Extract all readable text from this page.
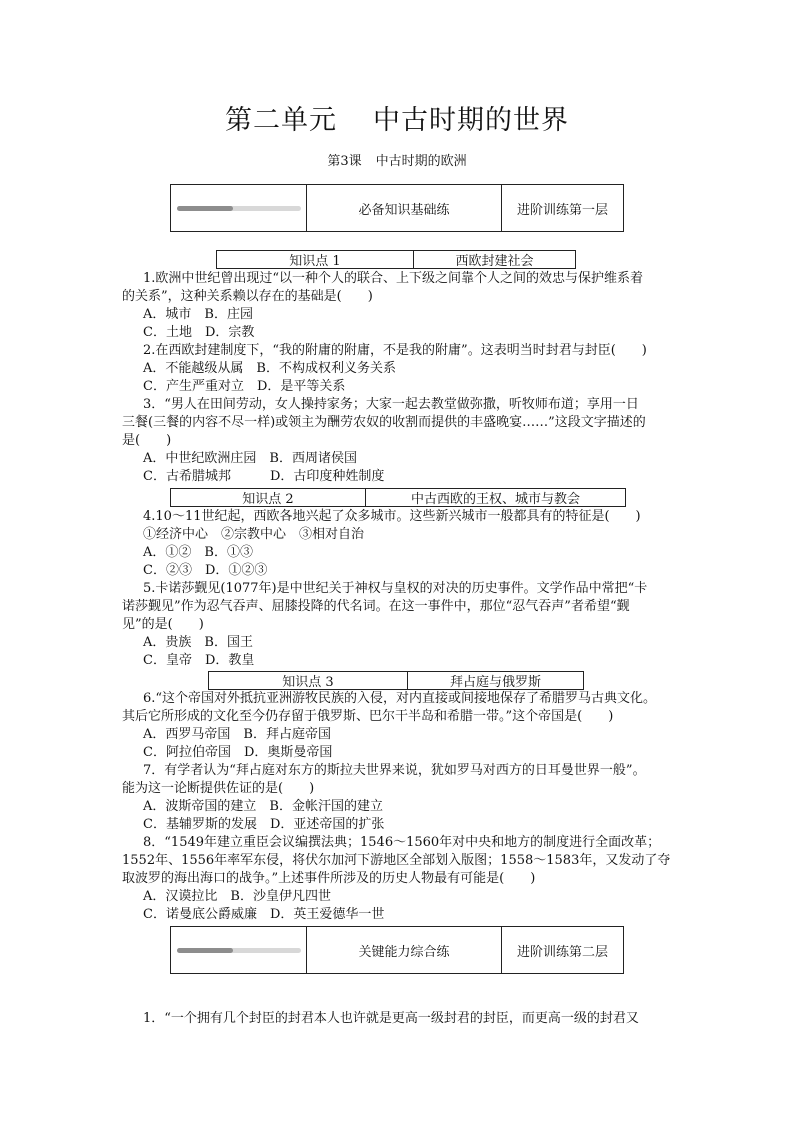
第二单元 中古时期的世界
第3课 中古时期的欧洲
必备知识基础练	进阶训练第一层
知识点 1	西欧封建社会
1.欧洲中世纪曾出现过“以一种个人的联合、上下级之间靠个人之间的效忠与保护维系着
的关系”，这种关系赖以存在的基础是(　　)
A．城市　B．庄园
C．土地　D．宗教
2.在西欧封建制度下，“我的附庸的附庸，不是我的附庸”。这表明当时封君与封臣(　　)
A．不能越级从属　B．不构成权利义务关系
C．产生严重对立　D．是平等关系
3．“男人在田间劳动，女人操持家务；大家一起去教堂做弥撒，听牧师布道；享用一日
三餐(三餐的内容不尽一样)或领主为酬劳农奴的收割而提供的丰盛晚宴……”这段文字描述的
是(　　)
A．中世纪欧洲庄园　B．西周诸侯国
C．古希腊城邦　　　D．古印度种姓制度
知识点 2	中古西欧的王权、城市与教会
4.10～11世纪起，西欧各地兴起了众多城市。这些新兴城市一般都具有的特征是(　　)
①经济中心　②宗教中心　③相对自治
A．①②　B．①③
C．②③　D．①②③
5.卡诺莎觐见(1077年)是中世纪关于神权与皇权的对决的历史事件。文学作品中常把“卡
诺莎觐见”作为忍气吞声、屈膝投降的代名词。在这一事件中，那位“忍气吞声”者希望“觐
见”的是(　　)
A．贵族　B．国王
C．皇帝　D．教皇
知识点 3	拜占庭与俄罗斯
6.“这个帝国对外抵抗亚洲游牧民族的入侵，对内直接或间接地保存了希腊罗马古典文化。
其后它所形成的文化至今仍存留于俄罗斯、巴尔干半岛和希腊一带。”这个帝国是(　　)
A．西罗马帝国　B．拜占庭帝国
C．阿拉伯帝国　D．奥斯曼帝国
7．有学者认为“拜占庭对东方的斯拉夫世界来说，犹如罗马对西方的日耳曼世界一般”。
能为这一论断提供佐证的是(　　)
A．波斯帝国的建立　B．金帐汗国的建立
C．基辅罗斯的发展　D．亚述帝国的扩张
8．“1549年建立重臣会议编撰法典；1546～1560年对中央和地方的制度进行全面改革；
1552年、1556年率军东侵，将伏尔加河下游地区全部划入版图；1558～1583年，又发动了夺
取波罗的海出海口的战争。”上述事件所涉及的历史人物最有可能是(　　)
A．汉谟拉比　B．沙皇伊凡四世
C．诺曼底公爵威廉　D．英王爱德华一世
关键能力综合练	进阶训练第二层
1．“一个拥有几个封臣的封君本人也许就是更高一级封君的封臣，而更高一级的封君又
